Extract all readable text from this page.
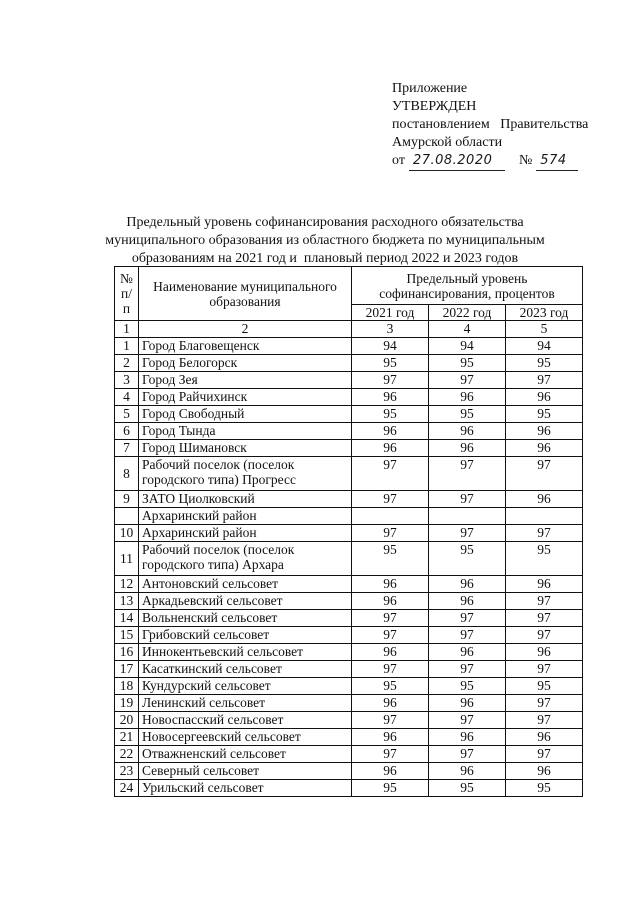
Приложение
УТВЕРЖДЕН
постановлением   Правительства
Амурской области
от 27.08.2020	№ 574
Предельный уровень софинансирования расходного обязательства
муниципального образования из областного бюджета по муниципальным
образованиям на 2021 год и  плановый период 2022 и 2023 годов
№ п/п	Наименование муниципального образования	Предельный уровень софинансирования, процентов		
		2021 год	2022 год	2023 год
1	2	3	4	5
1	Город Благовещенск	94	94	94
2	Город Белогорск	95	95	95
3	Город Зея	97	97	97
4	Город Райчихинск	96	96	96
5	Город Свободный	95	95	95
6	Город Тында	96	96	96
7	Город Шимановск	96	96	96
8	Рабочий поселок (поселок городского типа) Прогресс	97	97	97
9	ЗАТО Циолковский	97	97	96
	Архаринский район			
10	Архаринский район	97	97	97
11	Рабочий поселок (поселок городского типа) Архара	95	95	95
12	Антоновский сельсовет	96	96	96
13	Аркадьевский сельсовет	96	96	97
14	Вольненский сельсовет	97	97	97
15	Грибовский сельсовет	97	97	97
16	Иннокентьевский сельсовет	96	96	96
17	Касаткинский сельсовет	97	97	97
18	Кундурский сельсовет	95	95	95
19	Ленинский сельсовет	96	96	97
20	Новоспасский сельсовет	97	97	97
21	Новосергеевский сельсовет	96	96	96
22	Отважненский сельсовет	97	97	97
23	Северный сельсовет	96	96	96
24	Урильский сельсовет	95	95	95
